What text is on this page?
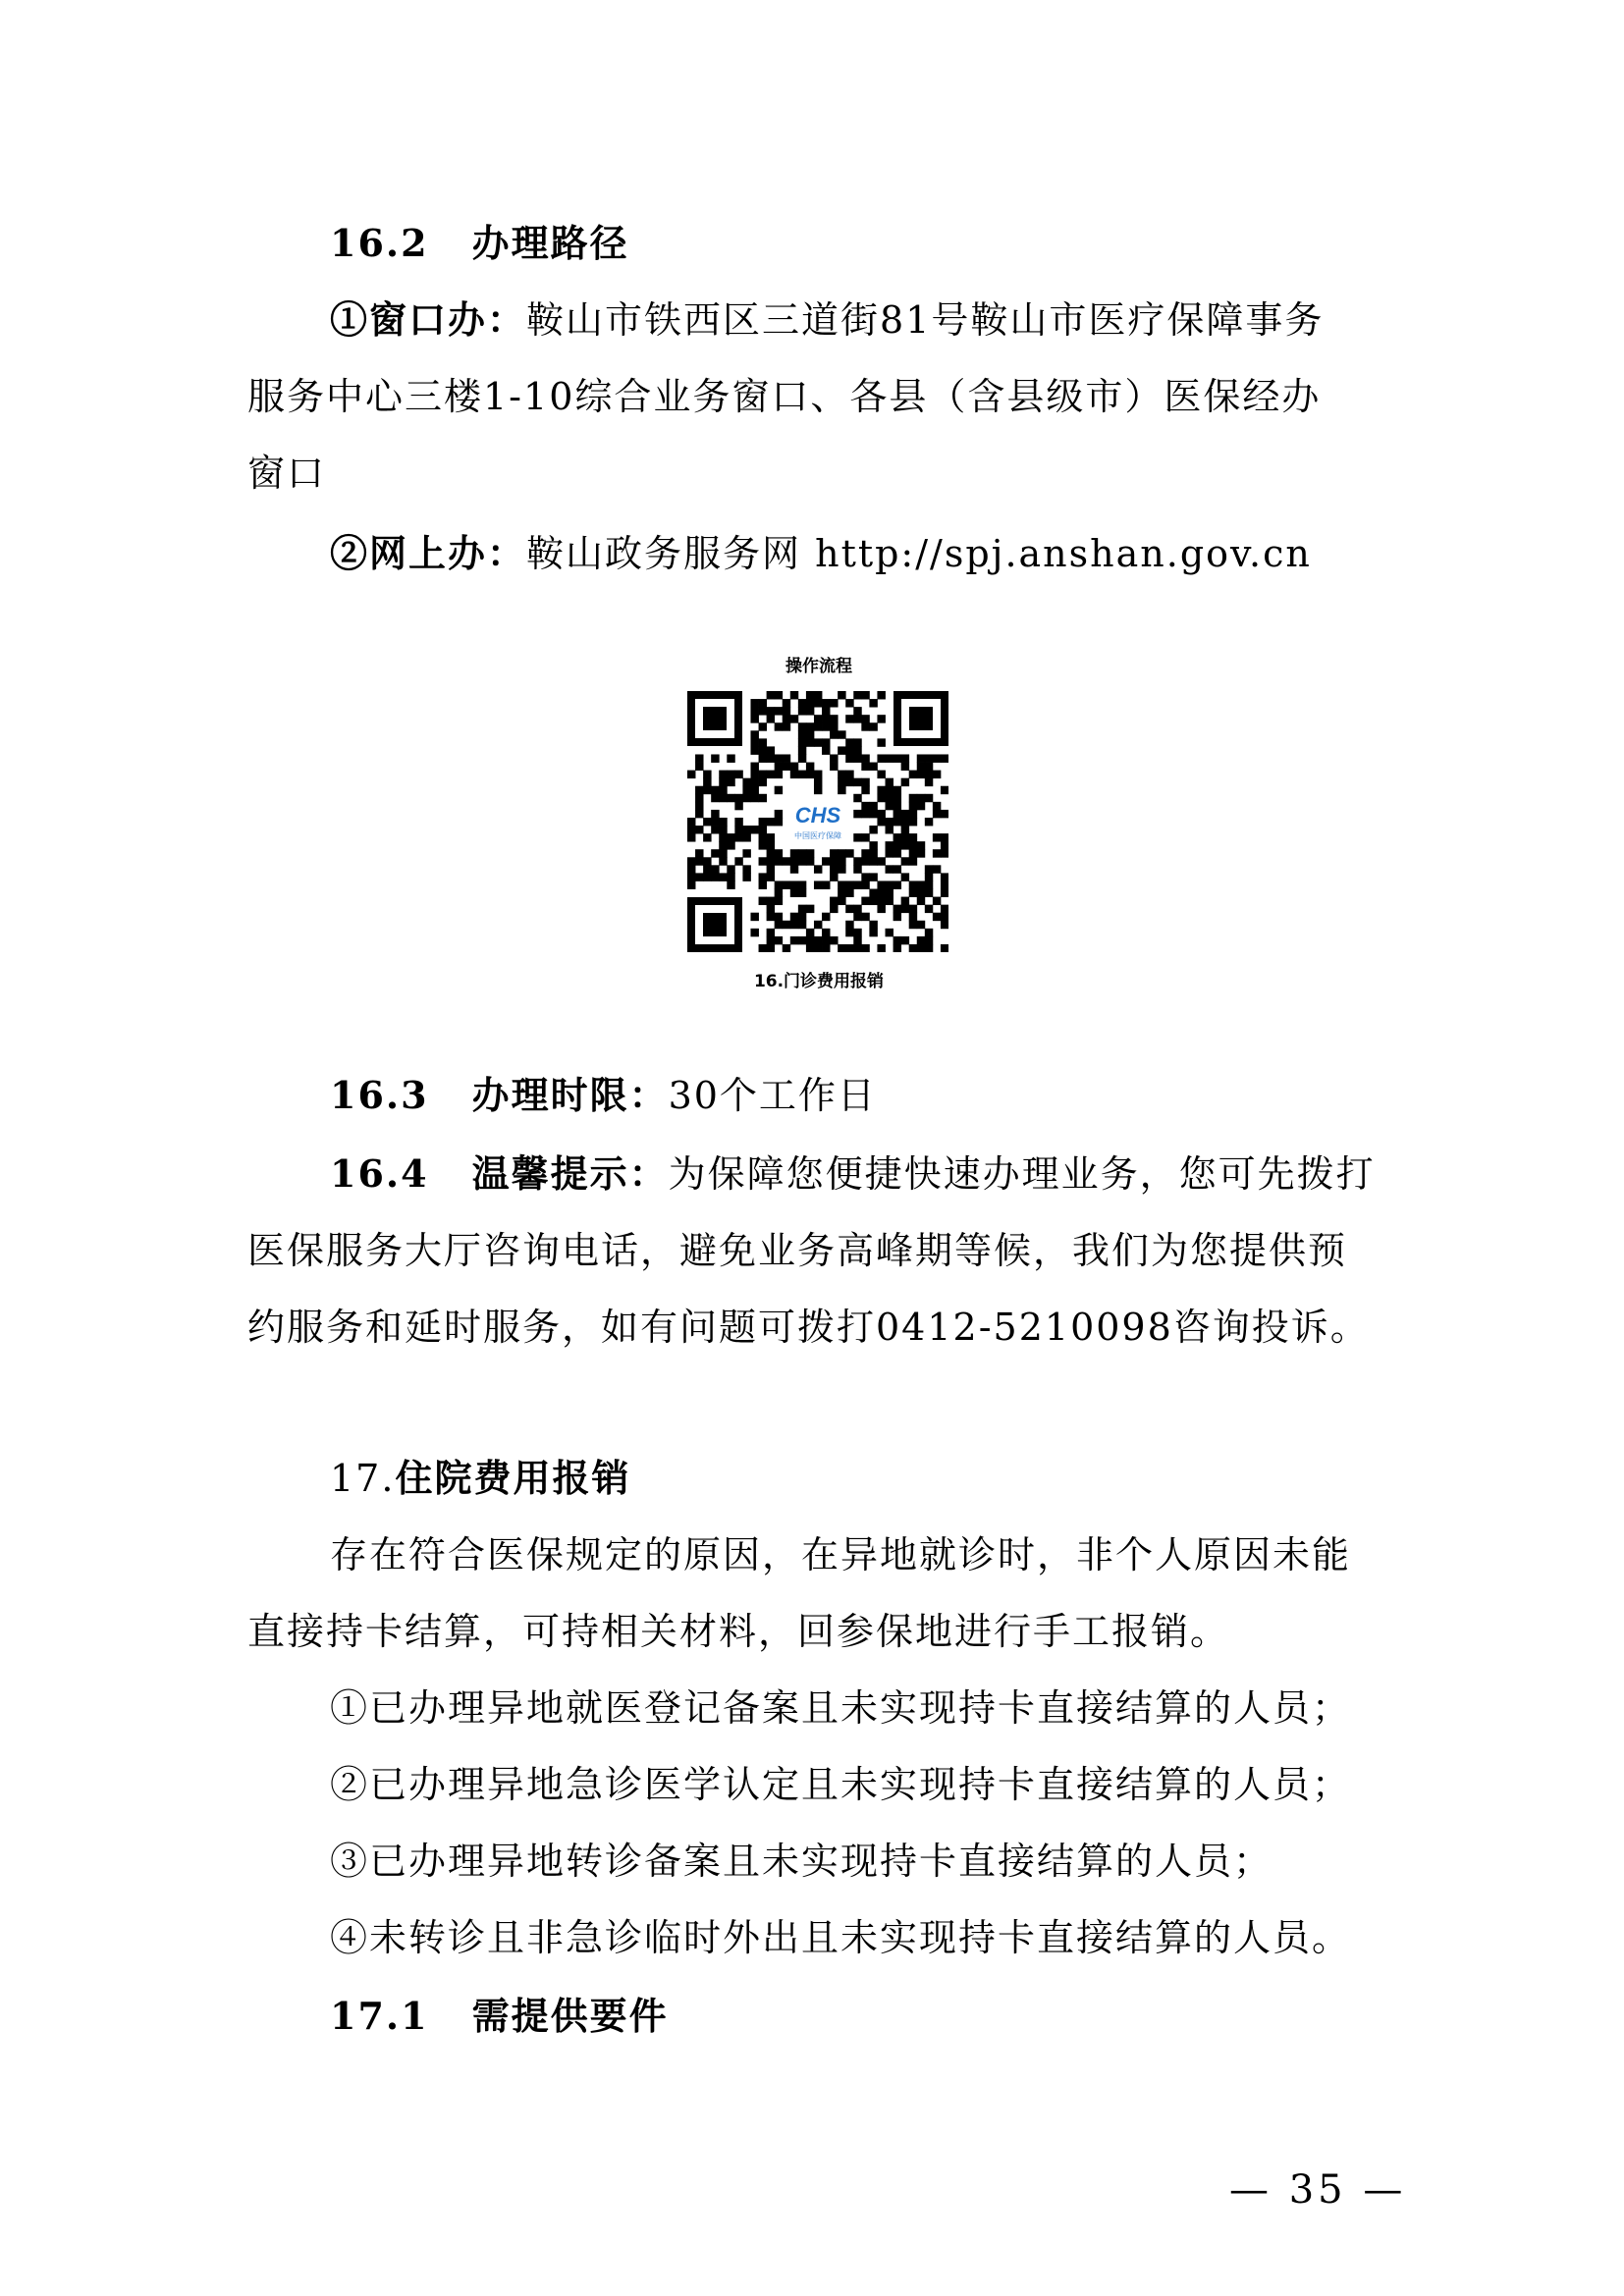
16.2 办理路径
①窗口办：鞍山市铁西区三道街81号鞍山市医疗保障事务
服务中心三楼1-10综合业务窗口、各县（含县级市）医保经办
窗口
②网上办：鞍山政务服务网 http://spj.anshan.gov.cn
操作流程
CHS
中国医疗保障
16.门诊费用报销
16.3 办理时限：30个工作日
16.4 温馨提示：为保障您便捷快速办理业务，您可先拨打
医保服务大厅咨询电话，避免业务高峰期等候，我们为您提供预
约服务和延时服务，如有问题可拨打0412-5210098咨询投诉。
17.住院费用报销
存在符合医保规定的原因，在异地就诊时，非个人原因未能
直接持卡结算，可持相关材料，回参保地进行手工报销。
①已办理异地就医登记备案且未实现持卡直接结算的人员；
②已办理异地急诊医学认定且未实现持卡直接结算的人员；
③已办理异地转诊备案且未实现持卡直接结算的人员；
④未转诊且非急诊临时外出且未实现持卡直接结算的人员。
17.1 需提供要件
— 35 —
